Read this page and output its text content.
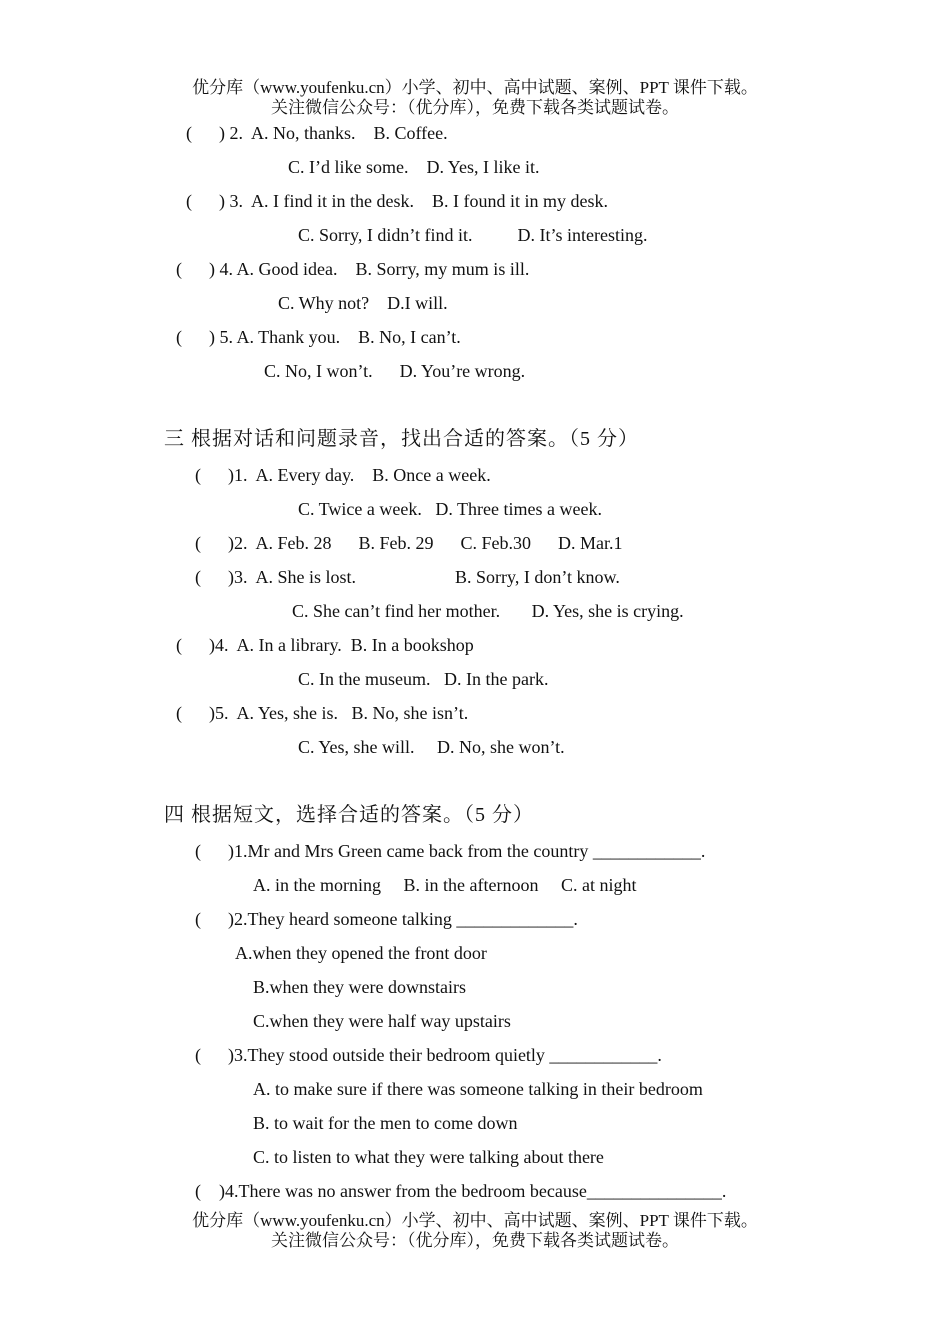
优分库（www.youfenku.cn）小学、初中、高中试题、案例、PPT 课件下载。
关注微信公众号：（优分库），免费下载各类试题试卷。
(      ) 2.  A. No, thanks.    B. Coffee.
C. I’d like some.    D. Yes, I like it.
(      ) 3.  A. I find it in the desk.    B. I found it in my desk.
C. Sorry, I didn’t find it.          D. It’s interesting.
(      ) 4. A. Good idea.    B. Sorry, my mum is ill.
C. Why not?    D.I will.
(      ) 5. A. Thank you.    B. No, I can’t.
C. No, I won’t.      D. You’re wrong.
三 根据对话和问题录音，找出合适的答案。（5 分）
(      )1.  A. Every day.    B. Once a week.
C. Twice a week.   D. Three times a week.
(      )2.  A. Feb. 28      B. Feb. 29      C. Feb.30      D. Mar.1
(      )3.  A. She is lost.	B. Sorry, I don’t know.
C. She can’t find her mother.       D. Yes, she is crying.
(      )4.  A. In a library.  B. In a bookshop
C. In the museum.   D. In the park.
(      )5.  A. Yes, she is.   B. No, she isn’t.
C. Yes, she will.     D. No, she won’t.
四 根据短文，选择合适的答案。（5 分）
(      )1.Mr and Mrs Green came back from the country ____________.
A. in the morning     B. in the afternoon     C. at night
(      )2.They heard someone talking _____________.
A.when they opened the front door
B.when they were downstairs
C.when they were half way upstairs
(      )3.They stood outside their bedroom quietly ____________.
A. to make sure if there was someone talking in their bedroom
B. to wait for the men to come down
C. to listen to what they were talking about there
(    )4.There was no answer from the bedroom because_______________.
优分库（www.youfenku.cn）小学、初中、高中试题、案例、PPT 课件下载。
关注微信公众号：（优分库），免费下载各类试题试卷。
